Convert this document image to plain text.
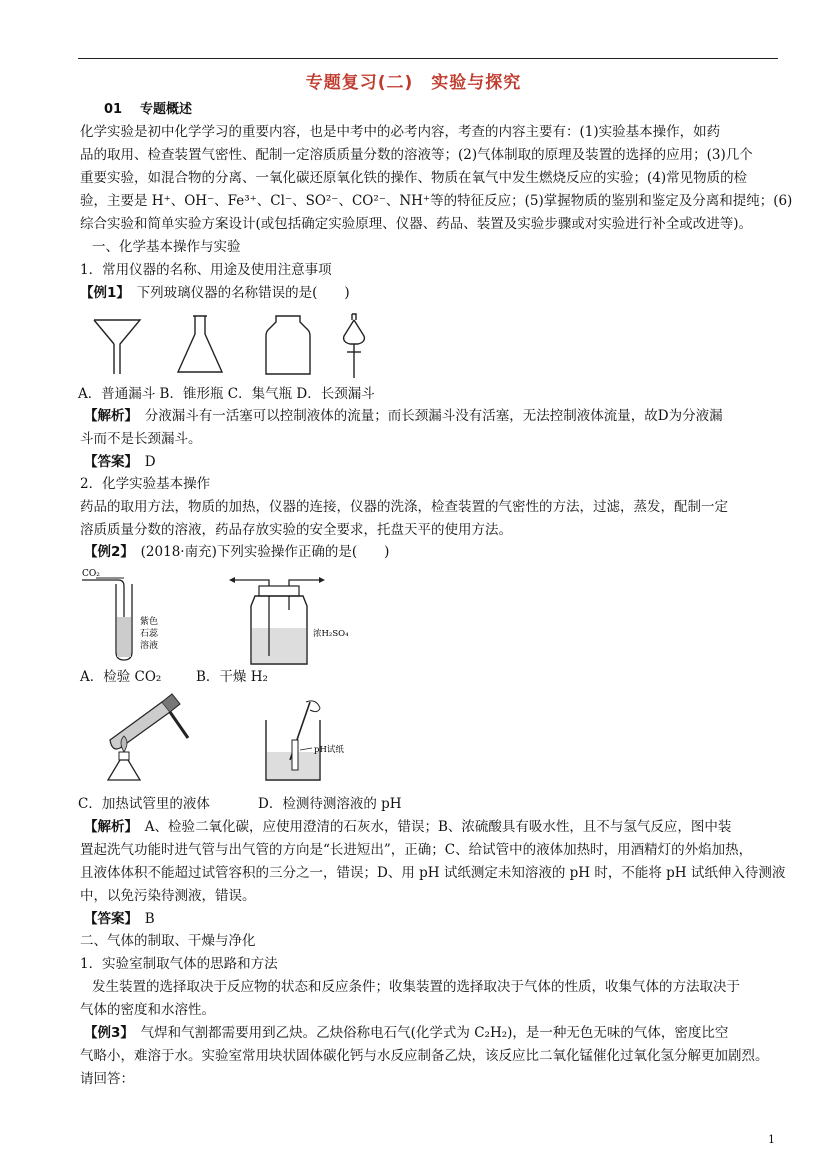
专题复习(二)　实验与探究
01 专题概述
化学实验是初中化学学习的重要内容，也是中考中的必考内容，考查的内容主要有：(1)实验基本操作，如药
品的取用、检查装置气密性、配制一定溶质质量分数的溶液等；(2)气体制取的原理及装置的选择的应用；(3)几个
重要实验，如混合物的分离、一氧化碳还原氧化铁的操作、物质在氧气中发生燃烧反应的实验；(4)常见物质的检
验，主要是 H⁺、OH⁻、Fe³⁺、Cl⁻、SO²⁻、CO²⁻、NH⁺等的特征反应；(5)掌握物质的鉴别和鉴定及分离和提纯；(6)
综合实验和简单实验方案设计(或包括确定实验原理、仪器、药品、装置及实验步骤或对实验进行补全或改进等)。
一、化学基本操作与实验
1．常用仪器的名称、用途及使用注意事项
【例1】　下列玻璃仪器的名称错误的是(　　)
A．普通漏斗 B．锥形瓶 C．集气瓶 D．长颈漏斗
【解析】　分液漏斗有一活塞可以控制液体的流量；而长颈漏斗没有活塞，无法控制液体流量，故D为分液漏
斗而不是长颈漏斗。
【答案】　D
2．化学实验基本操作
药品的取用方法，物质的加热，仪器的连接，仪器的洗涤，检查装置的气密性的方法，过滤，蒸发，配制一定
溶质质量分数的溶液，药品存放实验的安全要求，托盘天平的使用方法。
【例2】　(2018·南充)下列实验操作正确的是(　　)
CO₂
紫色
石蕊
溶液
浓H₂SO₄
A．检验 CO₂	B．干燥 H₂
pH试纸
C．加热试管里的液体	D．检测待测溶液的 pH
【解析】　A、检验二氧化碳，应使用澄清的石灰水，错误；B、浓硫酸具有吸水性，且不与氢气反应，图中装
置起洗气功能时进气管与出气管的方向是“长进短出”，正确；C、给试管中的液体加热时，用酒精灯的外焰加热，
且液体体积不能超过试管容积的三分之一，错误；D、用 pH 试纸测定未知溶液的 pH 时，不能将 pH 试纸伸入待测液
中，以免污染待测液，错误。
【答案】　B
二、气体的制取、干燥与净化
1．实验室制取气体的思路和方法
发生装置的选择取决于反应物的状态和反应条件；收集装置的选择取决于气体的性质，收集气体的方法取决于
气体的密度和水溶性。
【例3】　气焊和气割都需要用到乙炔。乙炔俗称电石气(化学式为 C₂H₂)，是一种无色无味的气体，密度比空
气略小，难溶于水。实验室常用块状固体碳化钙与水反应制备乙炔，该反应比二氧化锰催化过氧化氢分解更加剧烈。
请回答：
1
